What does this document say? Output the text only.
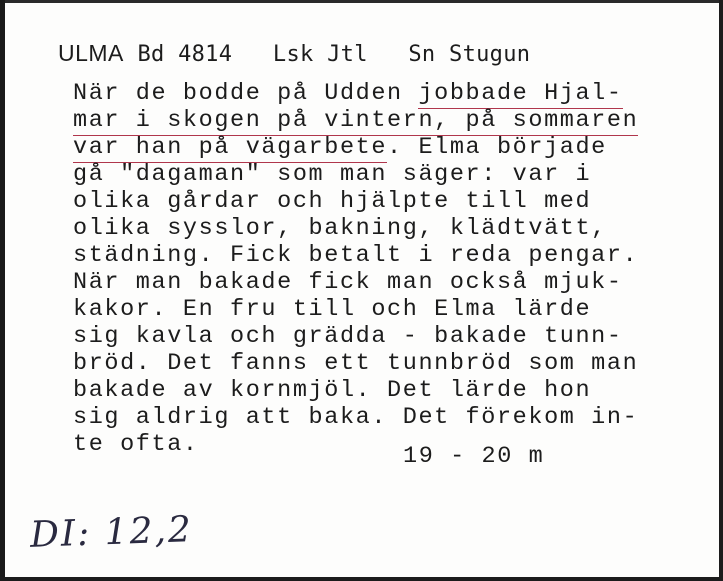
ULMA Bd 4814 Lsk Jtl Sn Stugun
När de bodde på Udden jobbade Hjal-
mar i skogen på vintern, på sommaren
var han på vägarbete. Elma började
gå "dagaman" som man säger: var i
olika gårdar och hjälpte till med
olika sysslor, bakning, klädtvätt,
städning. Fick betalt i reda pengar.
När man bakade fick man också mjuk-
kakor. En fru till och Elma lärde
sig kavla och grädda - bakade tunn-
bröd. Det fanns ett tunnbröd som man
bakade av kornmjöl. Det lärde hon
sig aldrig att baka. Det förekom in-
te ofta.	19 - 20 m
DI: 12,2
